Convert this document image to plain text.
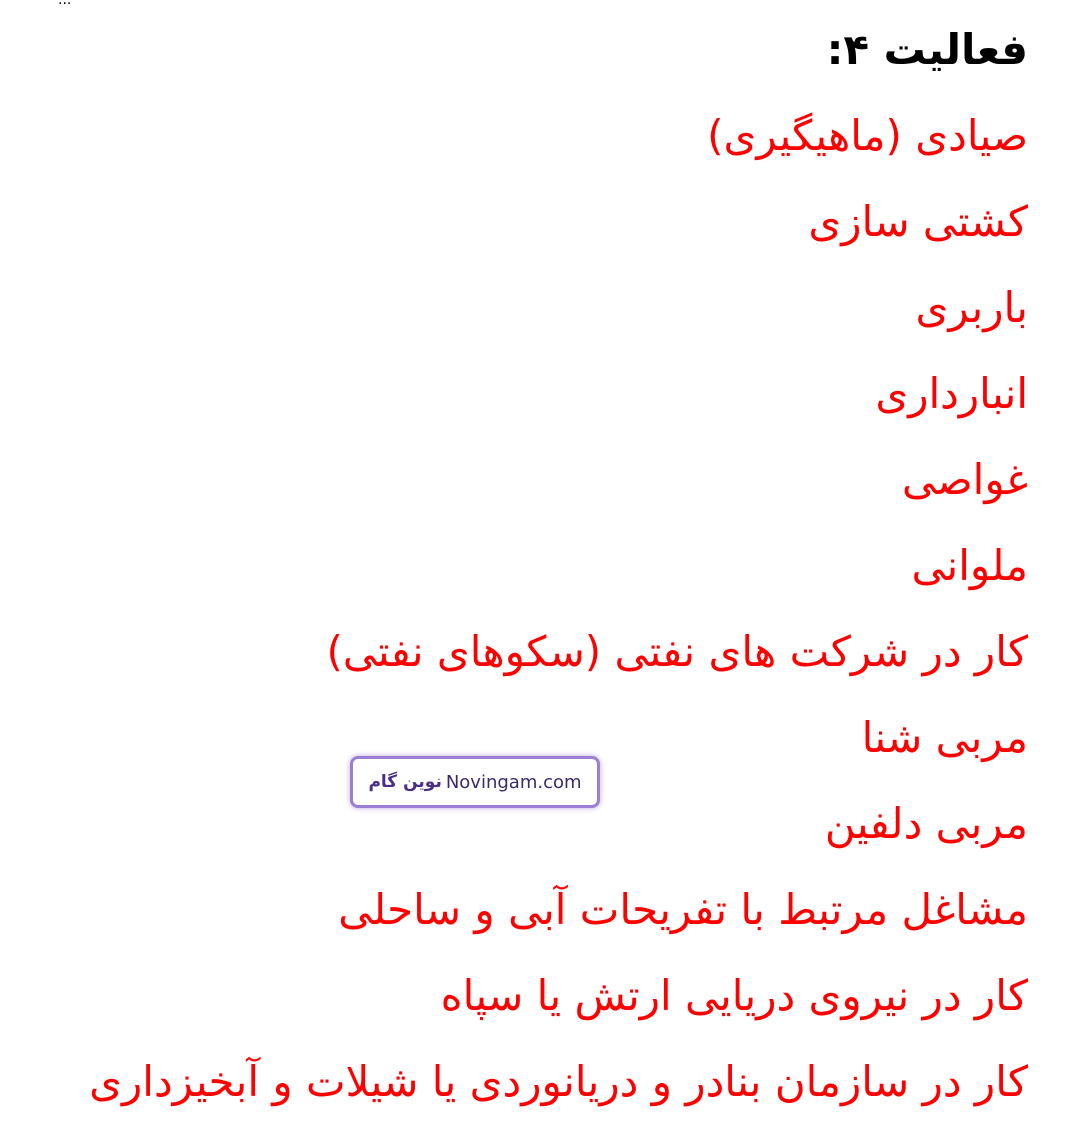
...
فعالیت ۴:
صیادی (ماهیگیری)
کشتی سازی
باربری
انبارداری
غواصی
ملوانی
کار در شرکت های نفتی (سکوهای نفتی)
مربی شنا
مربی دلفین
مشاغل مرتبط با تفریحات آبی و ساحلی
کار در نیروی دریایی ارتش یا سپاه
کار در سازمان بنادر و دریانوردی یا شیلات و آبخیزداری
نوین گام Novingam.com
